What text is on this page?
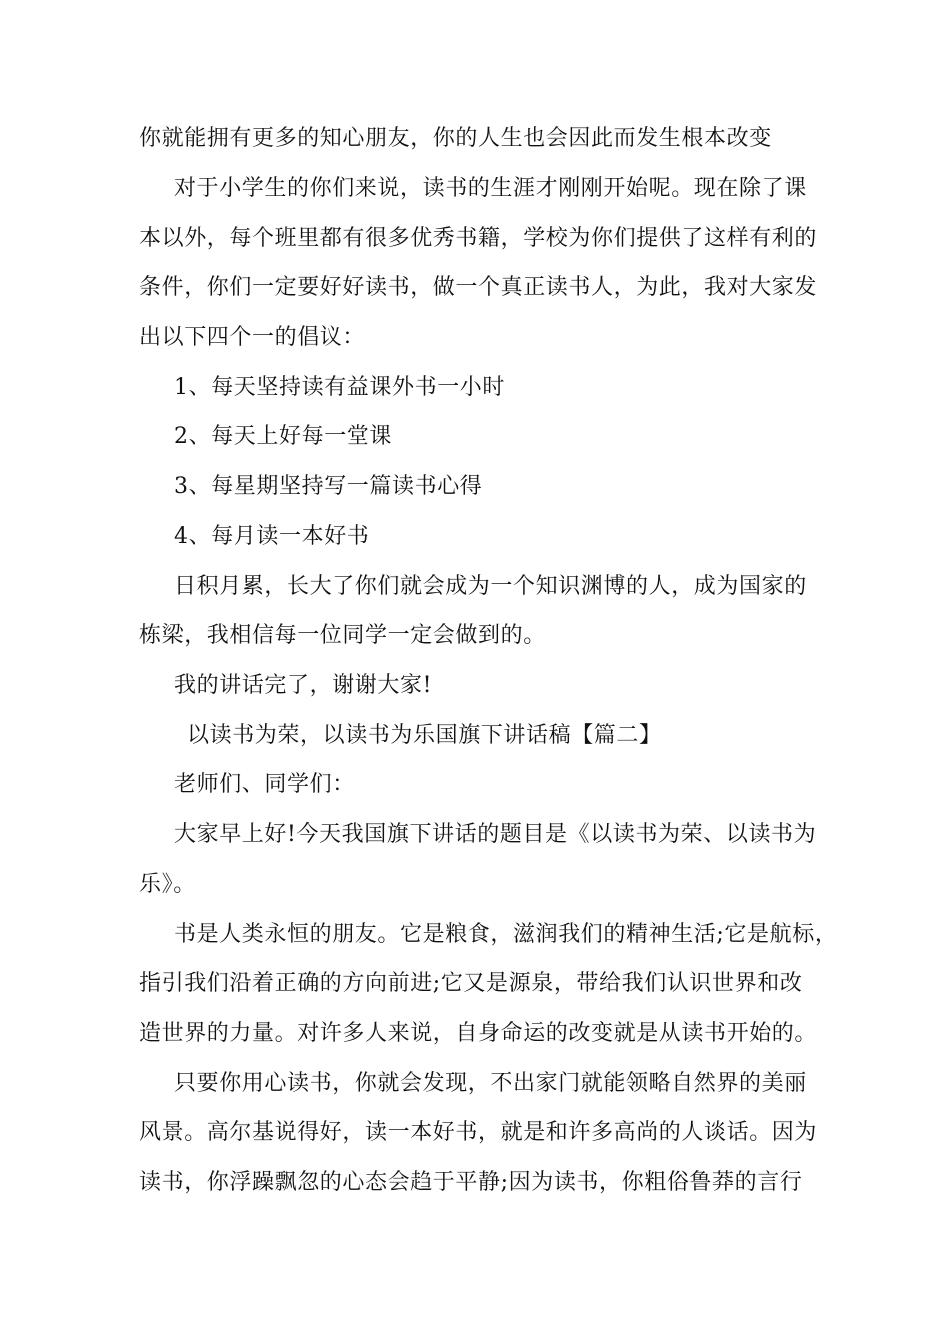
你就能拥有更多的知心朋友，你的人生也会因此而发生根本改变
对于小学生的你们来说，读书的生涯才刚刚开始呢。现在除了课
本以外，每个班里都有很多优秀书籍，学校为你们提供了这样有利的
条件，你们一定要好好读书，做一个真正读书人，为此，我对大家发
出以下四个一的倡议：
1、每天坚持读有益课外书一小时
2、每天上好每一堂课
3、每星期坚持写一篇读书心得
4、每月读一本好书
日积月累，长大了你们就会成为一个知识渊博的人，成为国家的
栋梁，我相信每一位同学一定会做到的。
我的讲话完了，谢谢大家!
以读书为荣，以读书为乐国旗下讲话稿【篇二】
老师们、同学们：
大家早上好!今天我国旗下讲话的题目是《以读书为荣、以读书为
乐》。
书是人类永恒的朋友。它是粮食，滋润我们的精神生活;它是航标，
指引我们沿着正确的方向前进;它又是源泉，带给我们认识世界和改
造世界的力量。对许多人来说，自身命运的改变就是从读书开始的。
只要你用心读书，你就会发现，不出家门就能领略自然界的美丽
风景。高尔基说得好，读一本好书，就是和许多高尚的人谈话。因为
读书，你浮躁飘忽的心态会趋于平静;因为读书，你粗俗鲁莽的言行
